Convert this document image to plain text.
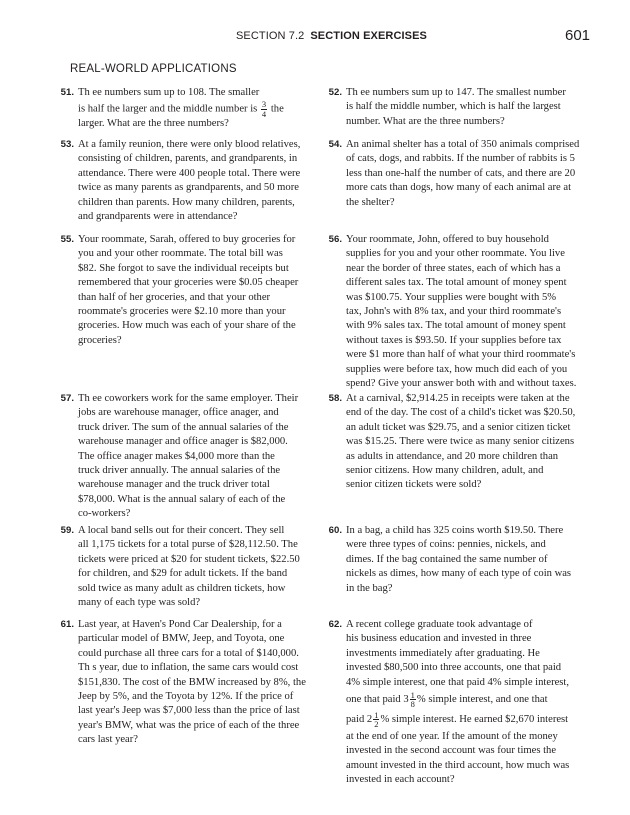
SECTION 7.2 SECTION EXERCISES	601
REAL-WORLD APPLICATIONS
51. Th ee numbers sum up to 108. The smaller
is half the larger and the middle number is $\frac{3}{4}$ the
larger. What are the three numbers?
52. Th ee numbers sum up to 147. The smallest number
is half the middle number, which is half the largest
number. What are the three numbers?
53. At a family reunion, there were only blood relatives,
consisting of children, parents, and grandparents, in
attendance. There were 400 people total. There were
twice as many parents as grandparents, and 50 more
children than parents. How many children, parents,
and grandparents were in attendance?
54. An animal shelter has a total of 350 animals comprised
of cats, dogs, and rabbits. If the number of rabbits is 5
less than one-half the number of cats, and there are 20
more cats than dogs, how many of each animal are at
the shelter?
55. Your roommate, Sarah, offered to buy groceries for
you and your other roommate. The total bill was
$82. She forgot to save the individual receipts but
remembered that your groceries were $0.05 cheaper
than half of her groceries, and that your other
roommate's groceries were $2.10 more than your
groceries. How much was each of your share of the
groceries?
56. Your roommate, John, offered to buy household
supplies for you and your other roommate. You live
near the border of three states, each of which has a
different sales tax. The total amount of money spent
was $100.75. Your supplies were bought with 5%
tax, John's with 8% tax, and your third roommate's
with 9% sales tax. The total amount of money spent
without taxes is $93.50. If your supplies before tax
were $1 more than half of what your third roommate's
supplies were before tax, how much did each of you
spend? Give your answer both with and without taxes.
57. Th ee coworkers work for the same employer. Their
jobs are warehouse manager, office anager, and
truck driver. The sum of the annual salaries of the
warehouse manager and office anager is $82,000.
The office anager makes $4,000 more than the
truck driver annually. The annual salaries of the
warehouse manager and the truck driver total
$78,000. What is the annual salary of each of the
co-workers?
58. At a carnival, $2,914.25 in receipts were taken at the
end of the day. The cost of a child's ticket was $20.50,
an adult ticket was $29.75, and a senior citizen ticket
was $15.25. There were twice as many senior citizens
as adults in attendance, and 20 more children than
senior citizens. How many children, adult, and
senior citizen tickets were sold?
59. A local band sells out for their concert. They sell
all 1,175 tickets for a total purse of $28,112.50. The
tickets were priced at $20 for student tickets, $22.50
for children, and $29 for adult tickets. If the band
sold twice as many adult as children tickets, how
many of each type was sold?
60. In a bag, a child has 325 coins worth $19.50. There
were three types of coins: pennies, nickels, and
dimes. If the bag contained the same number of
nickels as dimes, how many of each type of coin was
in the bag?
61. Last year, at Haven's Pond Car Dealership, for a
particular model of BMW, Jeep, and Toyota, one
could purchase all three cars for a total of $140,000.
Th s year, due to inflation, the same cars would cost
$151,830. The cost of the BMW increased by 8%, the
Jeep by 5%, and the Toyota by 12%. If the price of
last year's Jeep was $7,000 less than the price of last
year's BMW, what was the price of each of the three
cars last year?
62. A recent college graduate took advantage of
his business education and invested in three
investments immediately after graduating. He
invested $80,500 into three accounts, one that paid
4% simple interest, one that paid 4% simple interest,
one that paid $3 \frac{1}{8}$ % simple interest, and one that
paid $2 \frac{1}{2}$ % simple interest. He earned $2,670 interest
at the end of one year. If the amount of the money
invested in the second account was four times the
amount invested in the third account, how much was
invested in each account?
